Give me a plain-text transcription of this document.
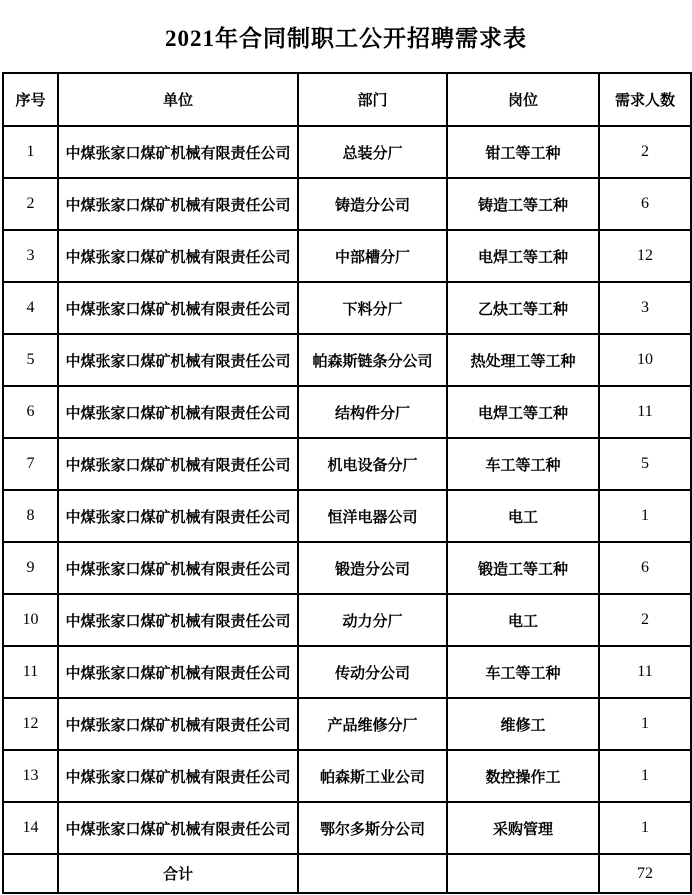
2021年合同制职工公开招聘需求表
序号	单位	部门	岗位	需求人数
1	中煤张家口煤矿机械有限责任公司	总装分厂	钳工等工种	2
2	中煤张家口煤矿机械有限责任公司	铸造分公司	铸造工等工种	6
3	中煤张家口煤矿机械有限责任公司	中部槽分厂	电焊工等工种	12
4	中煤张家口煤矿机械有限责任公司	下料分厂	乙炔工等工种	3
5	中煤张家口煤矿机械有限责任公司	帕森斯链条分公司	热处理工等工种	10
6	中煤张家口煤矿机械有限责任公司	结构件分厂	电焊工等工种	11
7	中煤张家口煤矿机械有限责任公司	机电设备分厂	车工等工种	5
8	中煤张家口煤矿机械有限责任公司	恒洋电器公司	电工	1
9	中煤张家口煤矿机械有限责任公司	锻造分公司	锻造工等工种	6
10	中煤张家口煤矿机械有限责任公司	动力分厂	电工	2
11	中煤张家口煤矿机械有限责任公司	传动分公司	车工等工种	11
12	中煤张家口煤矿机械有限责任公司	产品维修分厂	维修工	1
13	中煤张家口煤矿机械有限责任公司	帕森斯工业公司	数控操作工	1
14	中煤张家口煤矿机械有限责任公司	鄂尔多斯分公司	采购管理	1
	合计			72
